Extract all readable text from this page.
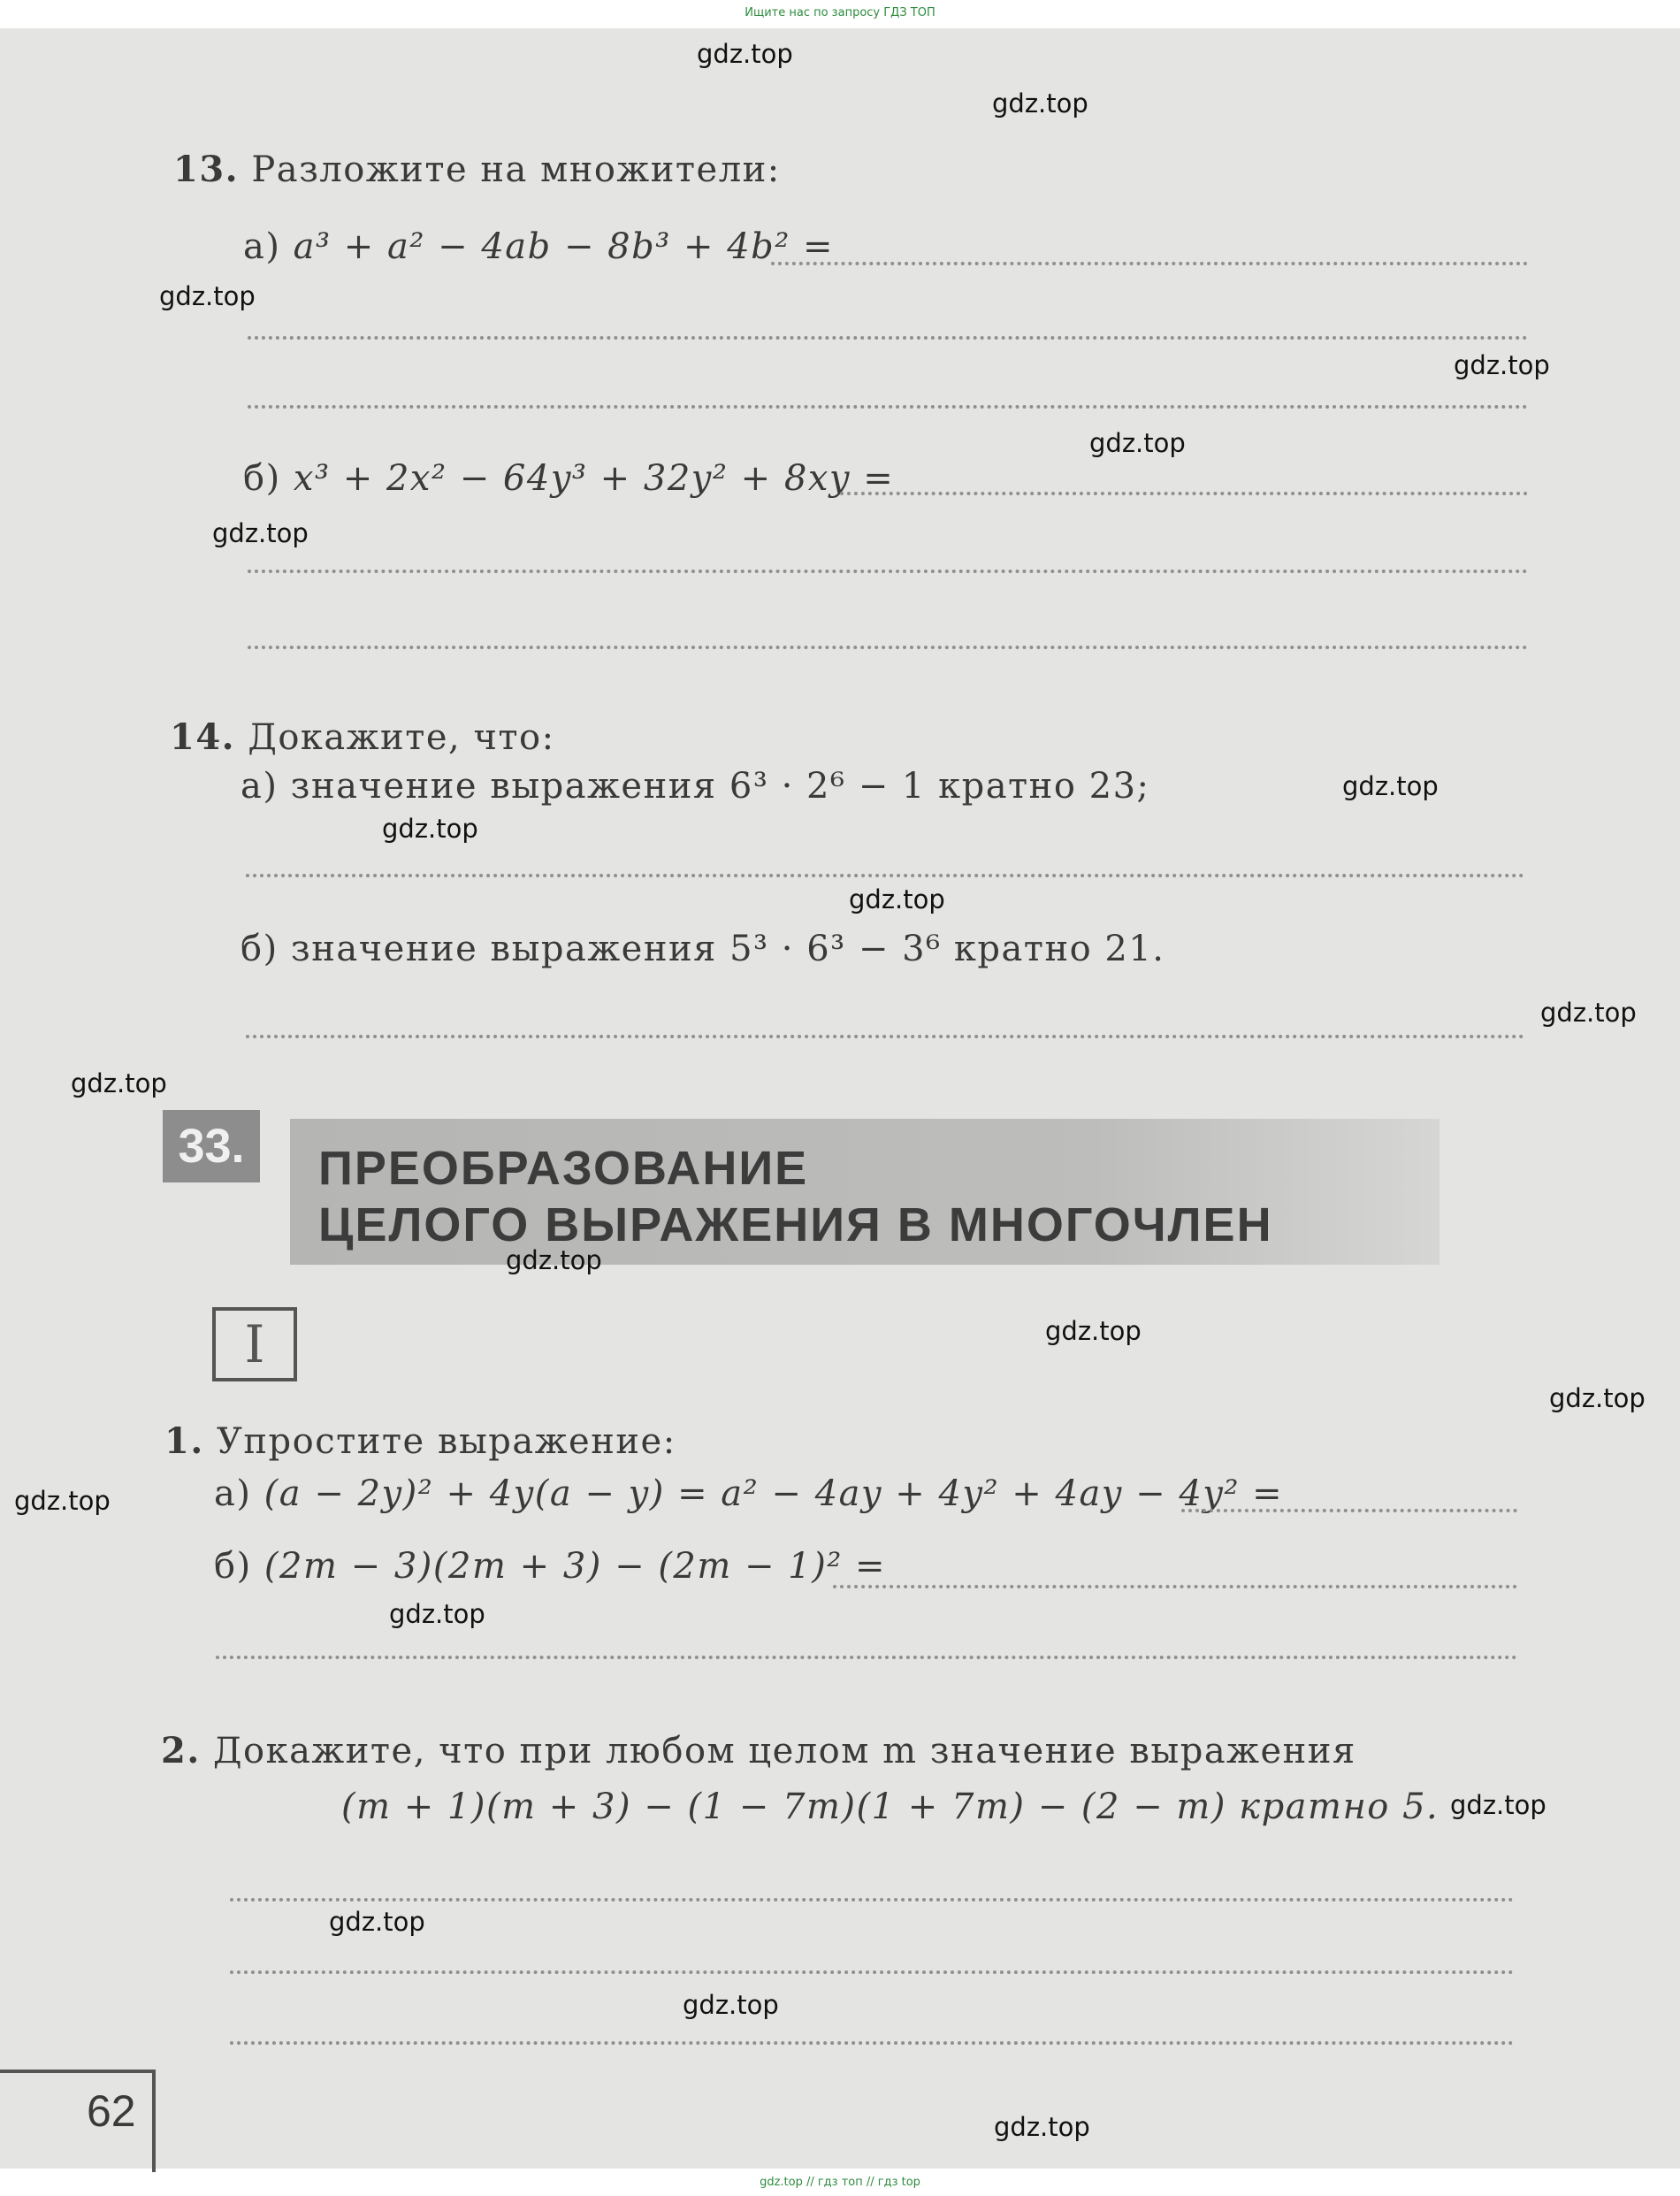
Ищите нас по запросу ГДЗ ТОП
13. Разложите на множители:
а) a³ + a² − 4ab − 8b³ + 4b² =
б) x³ + 2x² − 64y³ + 32y² + 8xy =
14. Докажите, что:
а) значение выражения 6³ · 2⁶ − 1 кратно 23;
б) значение выражения 5³ · 6³ − 3⁶ кратно 21.
33.	ПРЕОБРАЗОВАНИЕ
ЦЕЛОГО ВЫРАЖЕНИЯ В МНОГОЧЛЕН
I
1. Упростите выражение:
а) (a − 2y)² + 4y(a − y) = a² − 4ay + 4y² + 4ay − 4y² =
б) (2m − 3)(2m + 3) − (2m − 1)² =
2. Докажите, что при любом целом m значение выражения
(m + 1)(m + 3) − (1 − 7m)(1 + 7m) − (2 − m) кратно 5.
62
gdz.top
gdz.top
gdz.top
gdz.top
gdz.top
gdz.top
gdz.top
gdz.top
gdz.top
gdz.top
gdz.top
gdz.top
gdz.top
gdz.top
gdz.top
gdz.top
gdz.top
gdz.top
gdz.top
gdz.top
gdz.top // гдз топ // гдз top
